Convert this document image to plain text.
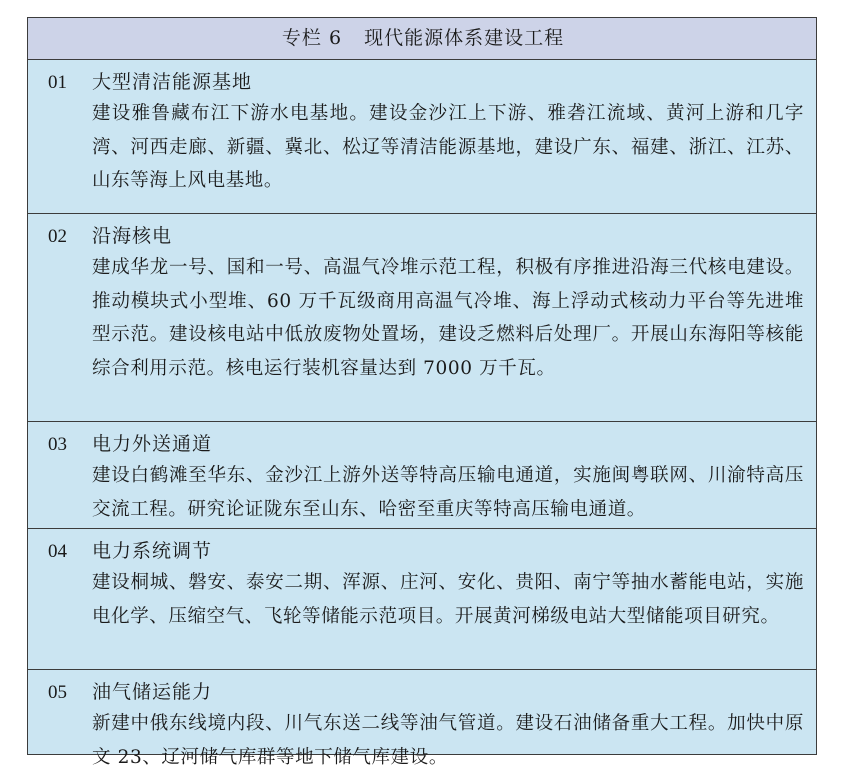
专栏 6 现代能源体系建设工程
01	大型清洁能源基地
建设雅鲁藏布江下游水电基地。建设金沙江上下游、雅砻江流域、黄河上游和几字湾、河西走廊、新疆、冀北、松辽等清洁能源基地，建设广东、福建、浙江、江苏、山东等海上风电基地。
02	沿海核电
建成华龙一号、国和一号、高温气冷堆示范工程，积极有序推进沿海三代核电建设。推动模块式小型堆、60 万千瓦级商用高温气冷堆、海上浮动式核动力平台等先进堆型示范。建设核电站中低放废物处置场，建设乏燃料后处理厂。开展山东海阳等核能综合利用示范。核电运行装机容量达到 7000 万千瓦。
03	电力外送通道
建设白鹤滩至华东、金沙江上游外送等特高压输电通道，实施闽粤联网、川渝特高压交流工程。研究论证陇东至山东、哈密至重庆等特高压输电通道。
04	电力系统调节
建设桐城、磐安、泰安二期、浑源、庄河、安化、贵阳、南宁等抽水蓄能电站，实施电化学、压缩空气、飞轮等储能示范项目。开展黄河梯级电站大型储能项目研究。
05	油气储运能力
新建中俄东线境内段、川气东送二线等油气管道。建设石油储备重大工程。加快中原文 23、辽河储气库群等地下储气库建设。
